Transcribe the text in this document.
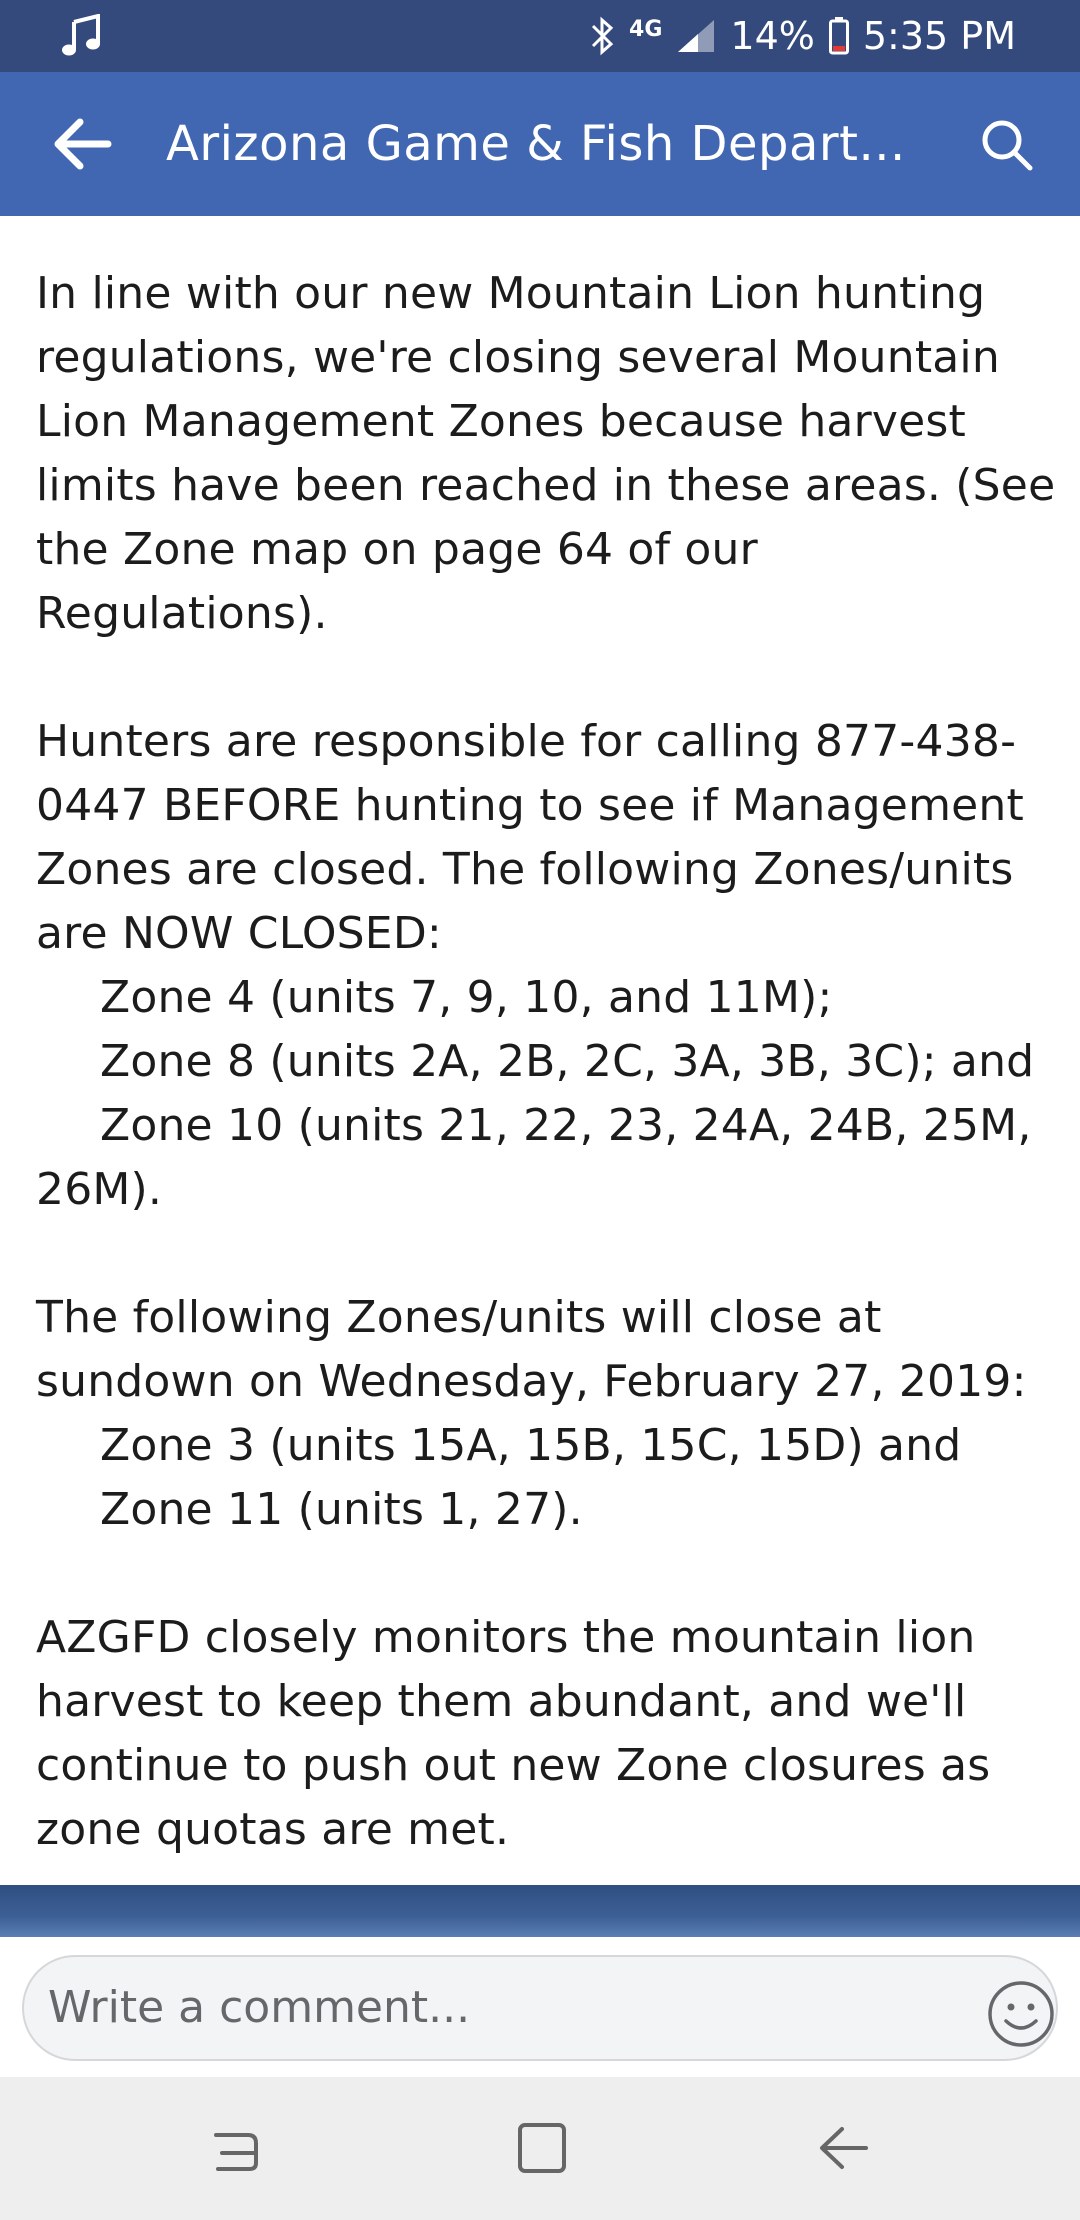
4G 14% 5:35 PM
Arizona Game & Fish Depart...

In line with our new Mountain Lion hunting regulations, we're closing several Mountain Lion Management Zones because harvest limits have been reached in these areas. (See the Zone map on page 64 of our Regulations).

Hunters are responsible for calling 877-438-0447 BEFORE hunting to see if Management Zones are closed. The following Zones/units are NOW CLOSED:

Zone 4 (units 7, 9, 10, and 11M);

Zone 8 (units 2A, 2B, 2C, 3A, 3B, 3C); and

Zone 10 (units 21, 22, 23, 24A, 24B, 25M, 26M).

The following Zones/units will close at sundown on Wednesday, February 27, 2019:

Zone 3 (units 15A, 15B, 15C, 15D) and

Zone 11 (units 1, 27).

AZGFD closely monitors the mountain lion harvest to keep them abundant, and we'll continue to push out new Zone closures as zone quotas are met.

Write a comment...
